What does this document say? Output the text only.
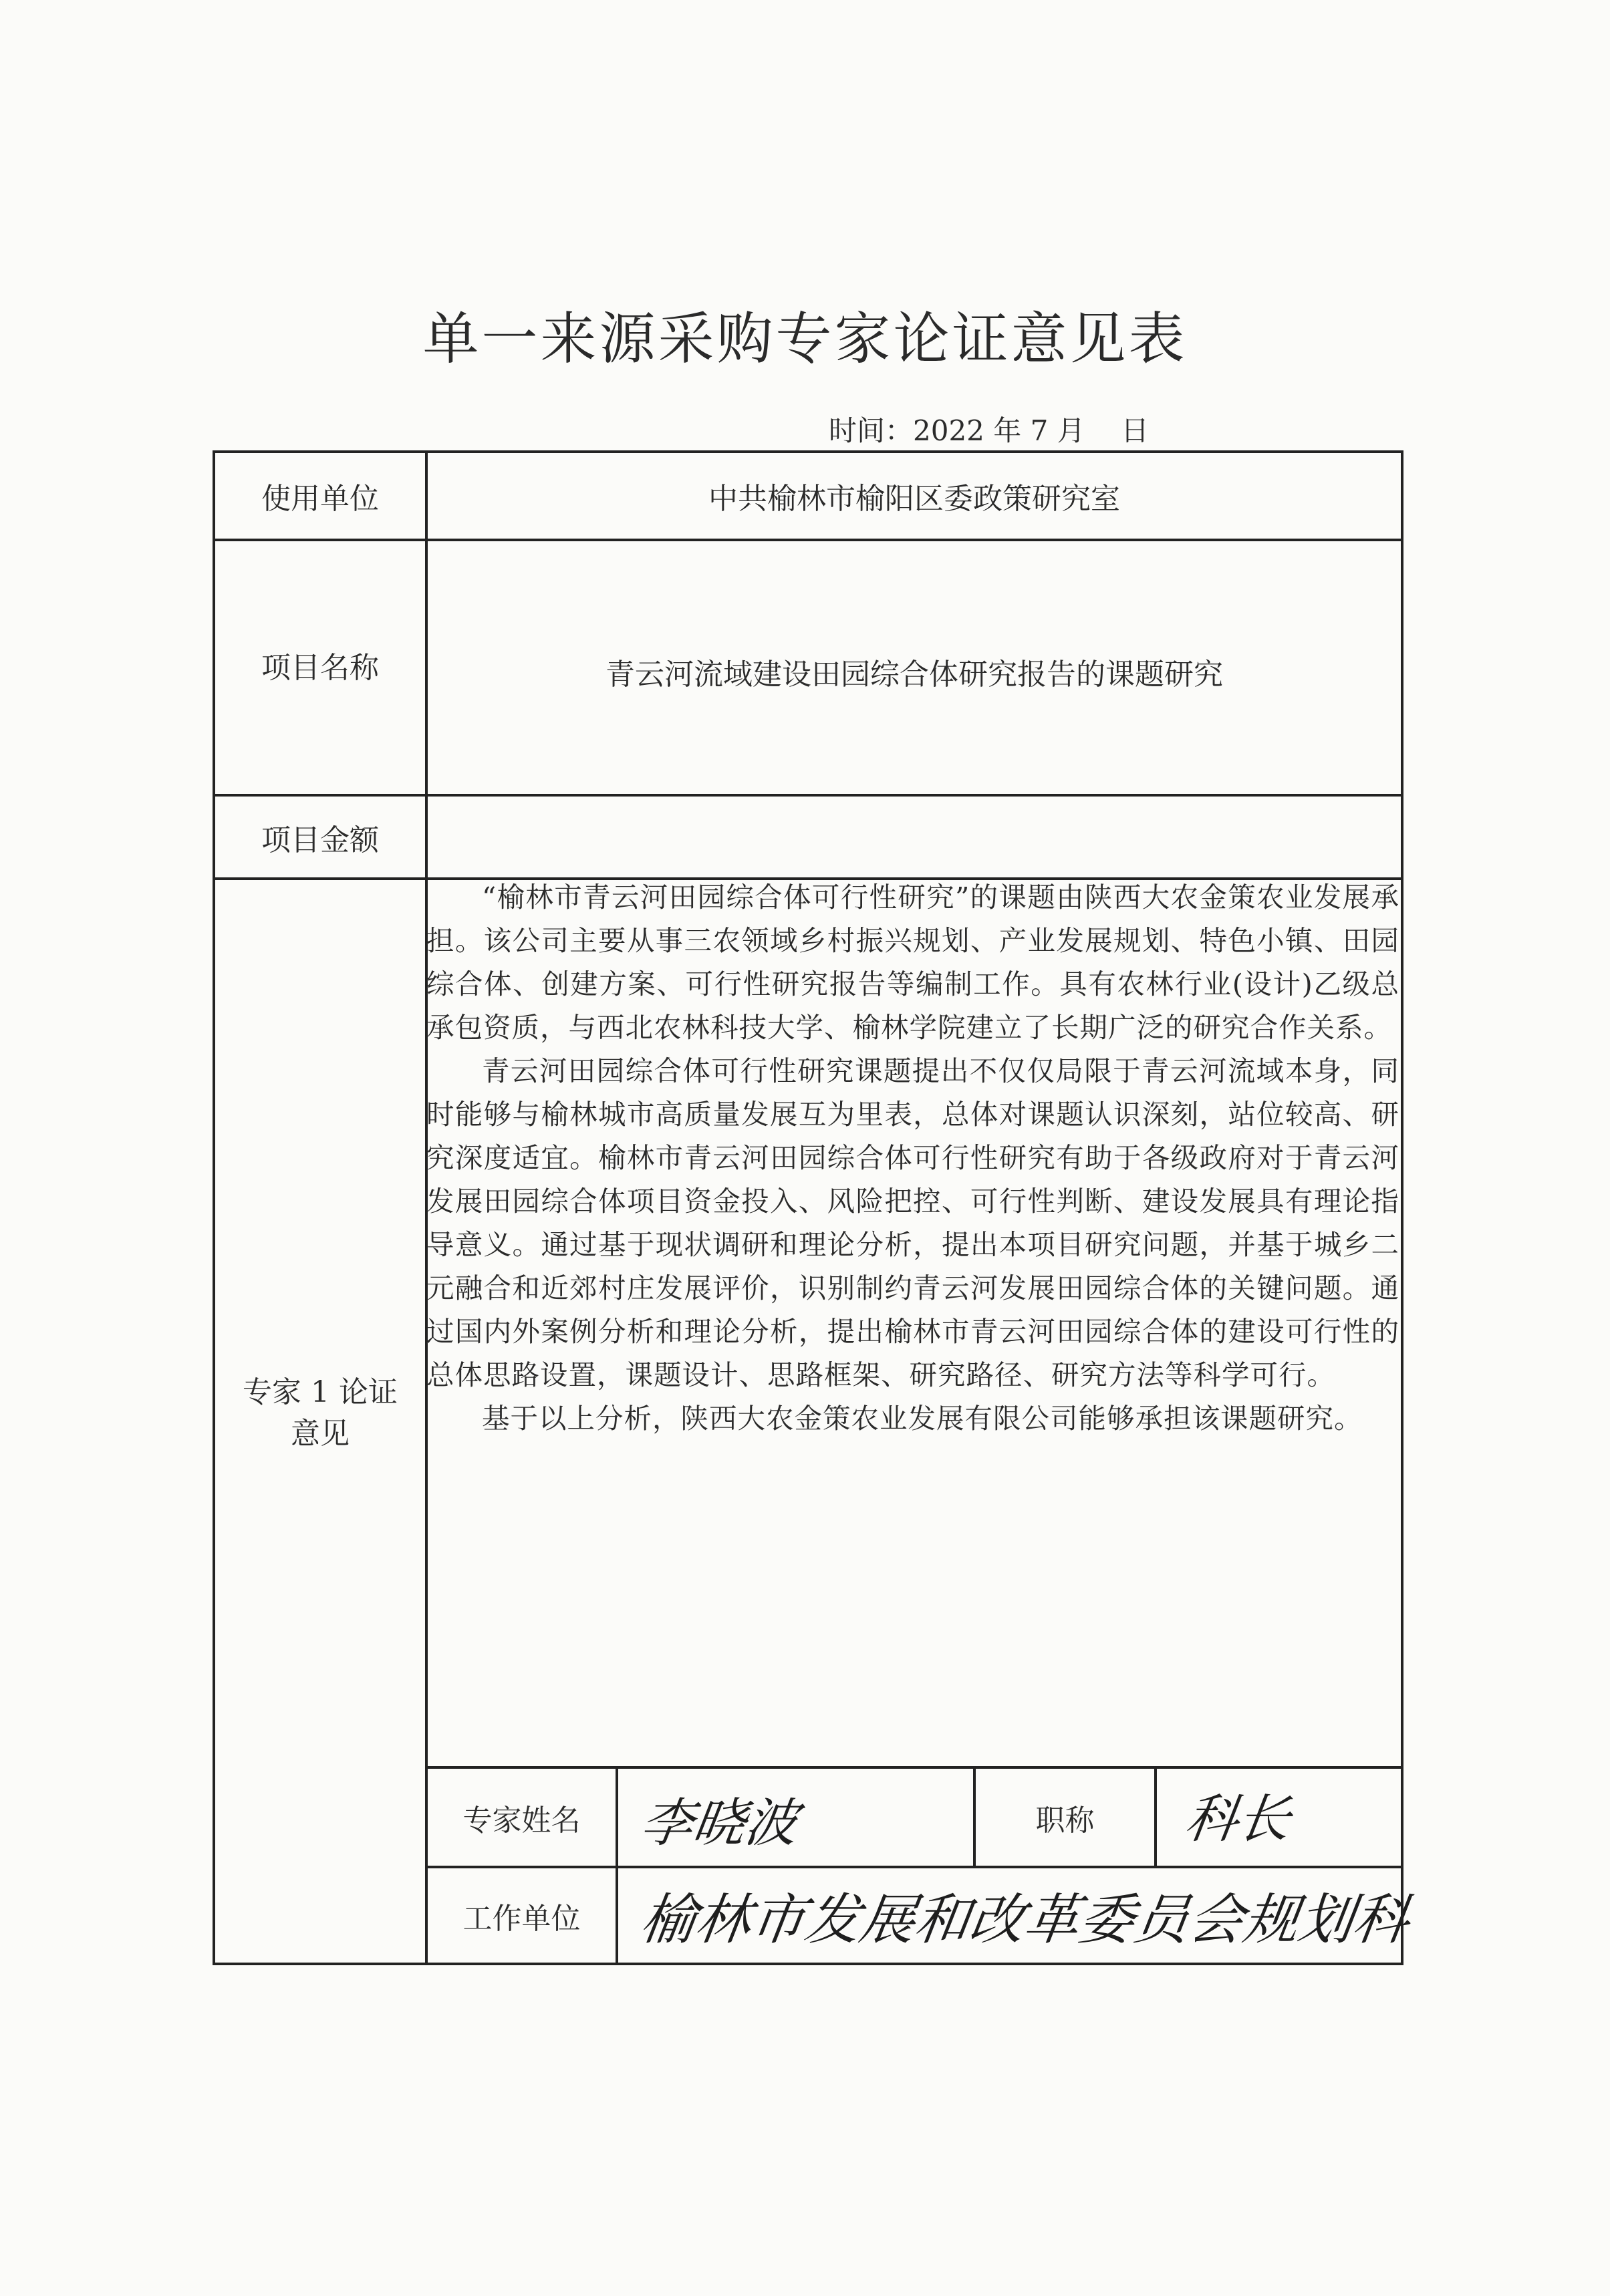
单一来源采购专家论证意见表
时间：2022 年 7 月    日
使用单位	中共榆林市榆阳区委政策研究室
项目名称	青云河流域建设田园综合体研究报告的课题研究
项目金额
专家 1 论证
意见

“榆林市青云河田园综合体可行性研究”的课题由陕西大农金策农业发展承担。该公司主要从事三农领域乡村振兴规划、产业发展规划、特色小镇、田园综合体、创建方案、可行性研究报告等编制工作。具有农林行业(设计)乙级总承包资质，与西北农林科技大学、榆林学院建立了长期广泛的研究合作关系。

青云河田园综合体可行性研究课题提出不仅仅局限于青云河流域本身，同时能够与榆林城市高质量发展互为里表，总体对课题认识深刻，站位较高、研究深度适宜。榆林市青云河田园综合体可行性研究有助于各级政府对于青云河发展田园综合体项目资金投入、风险把控、可行性判断、建设发展具有理论指导意义。通过基于现状调研和理论分析，提出本项目研究问题，并基于城乡二元融合和近郊村庄发展评价，识别制约青云河发展田园综合体的关键问题。通过国内外案例分析和理论分析，提出榆林市青云河田园综合体的建设可行性的总体思路设置，课题设计、思路框架、研究路径、研究方法等科学可行。

基于以上分析，陕西大农金策农业发展有限公司能够承担该课题研究。

专家姓名	李晓波	职称	科长
工作单位	榆林市发展和改革委员会规划科
